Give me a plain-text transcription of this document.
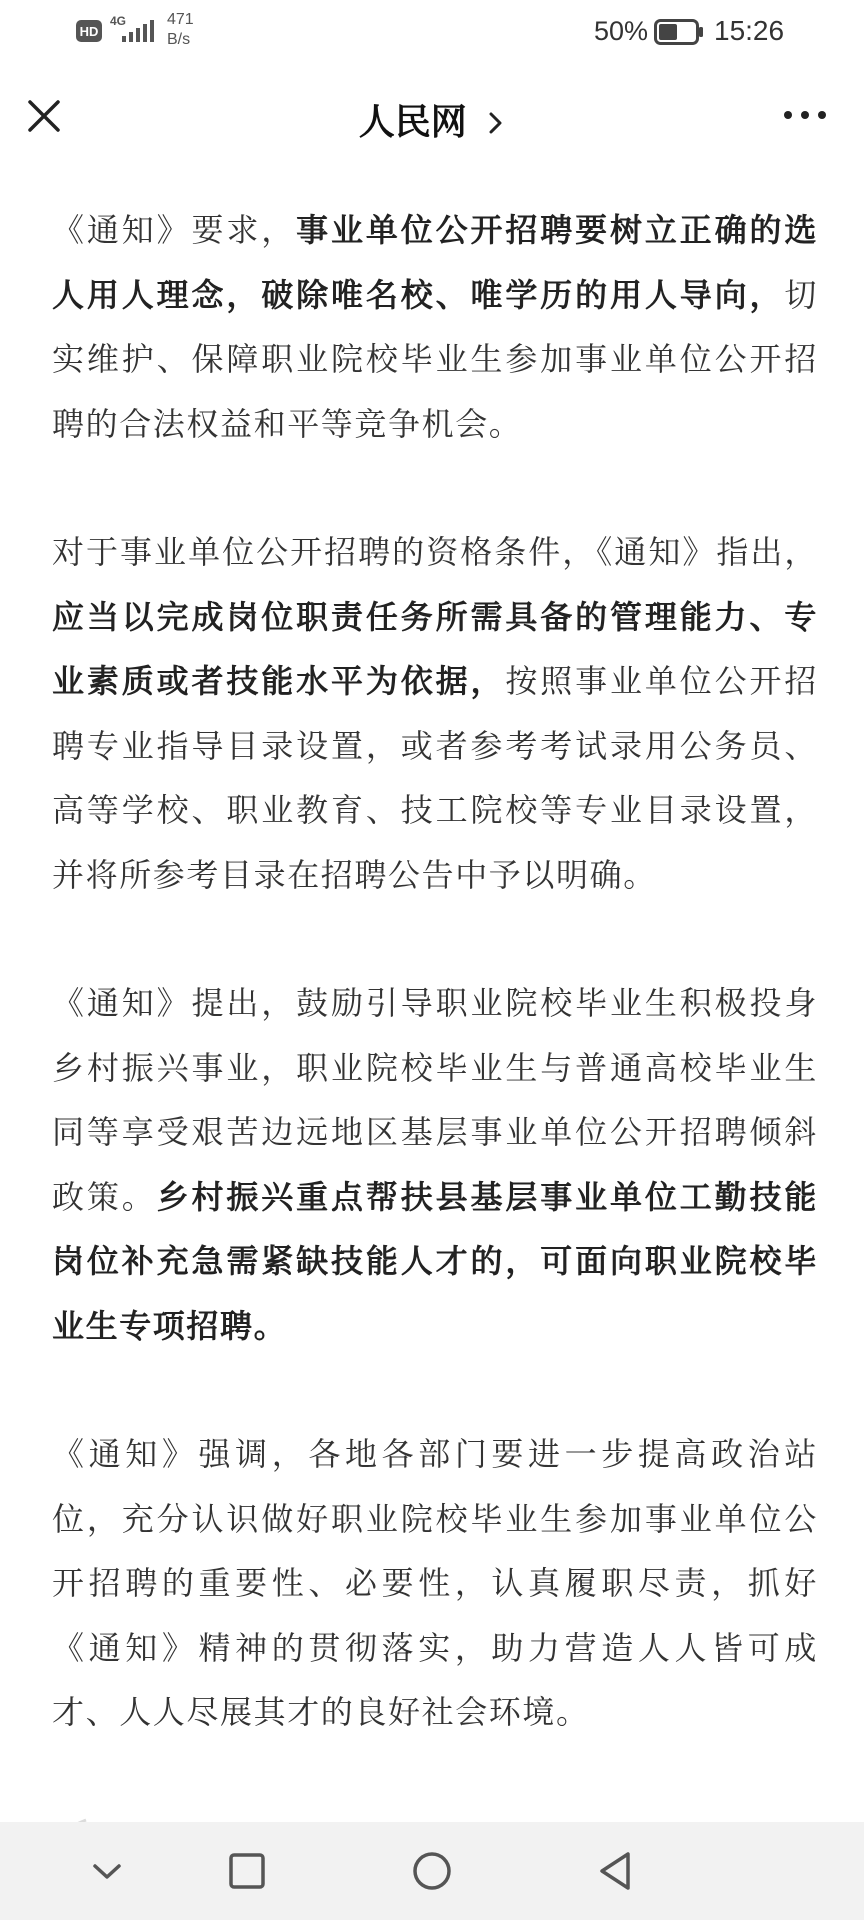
HD
4G	471
B/s	50% 15:26
人民网

《通知》要求，事业单位公开招聘要树立正确的选人用人理念，破除唯名校、唯学历的用人导向，切实维护、保障职业院校毕业生参加事业单位公开招聘的合法权益和平等竞争机会。

对于事业单位公开招聘的资格条件，《通知》指出，应当以完成岗位职责任务所需具备的管理能力、专业素质或者技能水平为依据，按照事业单位公开招聘专业指导目录设置，或者参考考试录用公务员、高等学校、职业教育、技工院校等专业目录设置，并将所参考目录在招聘公告中予以明确。

《通知》提出，鼓励引导职业院校毕业生积极投身乡村振兴事业，职业院校毕业生与普通高校毕业生同等享受艰苦边远地区基层事业单位公开招聘倾斜政策。乡村振兴重点帮扶县基层事业单位工勤技能岗位补充急需紧缺技能人才的，可面向职业院校毕业生专项招聘。

《通知》强调，各地各部门要进一步提高政治站位，充分认识做好职业院校毕业生参加事业单位公开招聘的重要性、必要性，认真履职尽责，抓好《通知》精神的贯彻落实，助力营造人人皆可成才、人人尽展其才的良好社会环境。
